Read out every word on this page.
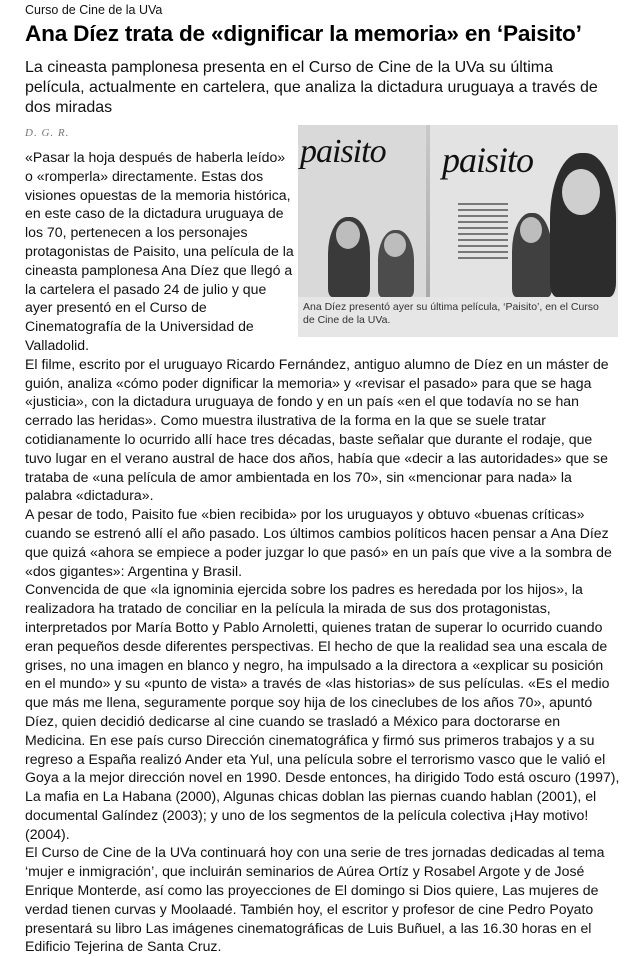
Curso de Cine de la UVa
Ana Díez trata de «dignificar la memoria» en ‘Paisito’
La cineasta pamplonesa presenta en el Curso de Cine de la UVa su última película, actualmente en cartelera, que analiza la dictadura uruguaya a través de dos miradas
D. G. R.	paisito paisito
Ana Díez presentó ayer su última película, ‘Paisito’, en el Curso de Cine de la UVa.

«Pasar la hoja después de haberla leído» o «romperla» directamente. Estas dos visiones opuestas de la memoria histórica, en este caso de la dictadura uruguaya de los 70, pertenecen a los personajes protagonistas de Paisito, una película de la cineasta pamplonesa Ana Díez que llegó a la cartelera el pasado 24 de julio y que ayer presentó en el Curso de Cinematografía de la Universidad de Valladolid.

El filme, escrito por el uruguayo Ricardo Fernández, antiguo alumno de Díez en un máster de guión, analiza «cómo poder dignificar la memoria» y «revisar el pasado» para que se haga «justicia», con la dictadura uruguaya de fondo y en un país «en el que todavía no se han cerrado las heridas». Como muestra ilustrativa de la forma en la que se suele tratar cotidianamente lo ocurrido allí hace tres décadas, baste señalar que durante el rodaje, que tuvo lugar en el verano austral de hace dos años, había que «decir a las autoridades» que se trataba de «una película de amor ambientada en los 70», sin «mencionar para nada» la palabra «dictadura».

A pesar de todo, Paisito fue «bien recibida» por los uruguayos y obtuvo «buenas críticas» cuando se estrenó allí el año pasado. Los últimos cambios políticos hacen pensar a Ana Díez que quizá «ahora se empiece a poder juzgar lo que pasó» en un país que vive a la sombra de «dos gigantes»: Argentina y Brasil.

Convencida de que «la ignominia ejercida sobre los padres es heredada por los hijos», la realizadora ha tratado de conciliar en la película la mirada de sus dos protagonistas, interpretados por María Botto y Pablo Arnoletti, quienes tratan de superar lo ocurrido cuando eran pequeños desde diferentes perspectivas. El hecho de que la realidad sea una escala de grises, no una imagen en blanco y negro, ha impulsado a la directora a «explicar su posición en el mundo» y su «punto de vista» a través de «las historias» de sus películas. «Es el medio que más me llena, seguramente porque soy hija de los cineclubes de los años 70», apuntó Díez, quien decidió dedicarse al cine cuando se trasladó a México para doctorarse en Medicina. En ese país curso Dirección cinematográfica y firmó sus primeros trabajos y a su regreso a España realizó Ander eta Yul, una película sobre el terrorismo vasco que le valió el Goya a la mejor dirección novel en 1990. Desde entonces, ha dirigido Todo está oscuro (1997), La mafia en La Habana (2000), Algunas chicas doblan las piernas cuando hablan (2001), el documental Galíndez (2003); y uno de los segmentos de la película colectiva ¡Hay motivo! (2004).

El Curso de Cine de la UVa continuará hoy con una serie de tres jornadas dedicadas al tema ‘mujer e inmigración’, que incluirán seminarios de Aúrea Ortíz y Rosabel Argote y de José Enrique Monterde, así como las proyecciones de El domingo si Dios quiere, Las mujeres de verdad tienen curvas y Moolaadé. También hoy, el escritor y profesor de cine Pedro Poyato presentará su libro Las imágenes cinematográficas de Luis Buñuel, a las 16.30 horas en el Edificio Tejerina de Santa Cruz.
